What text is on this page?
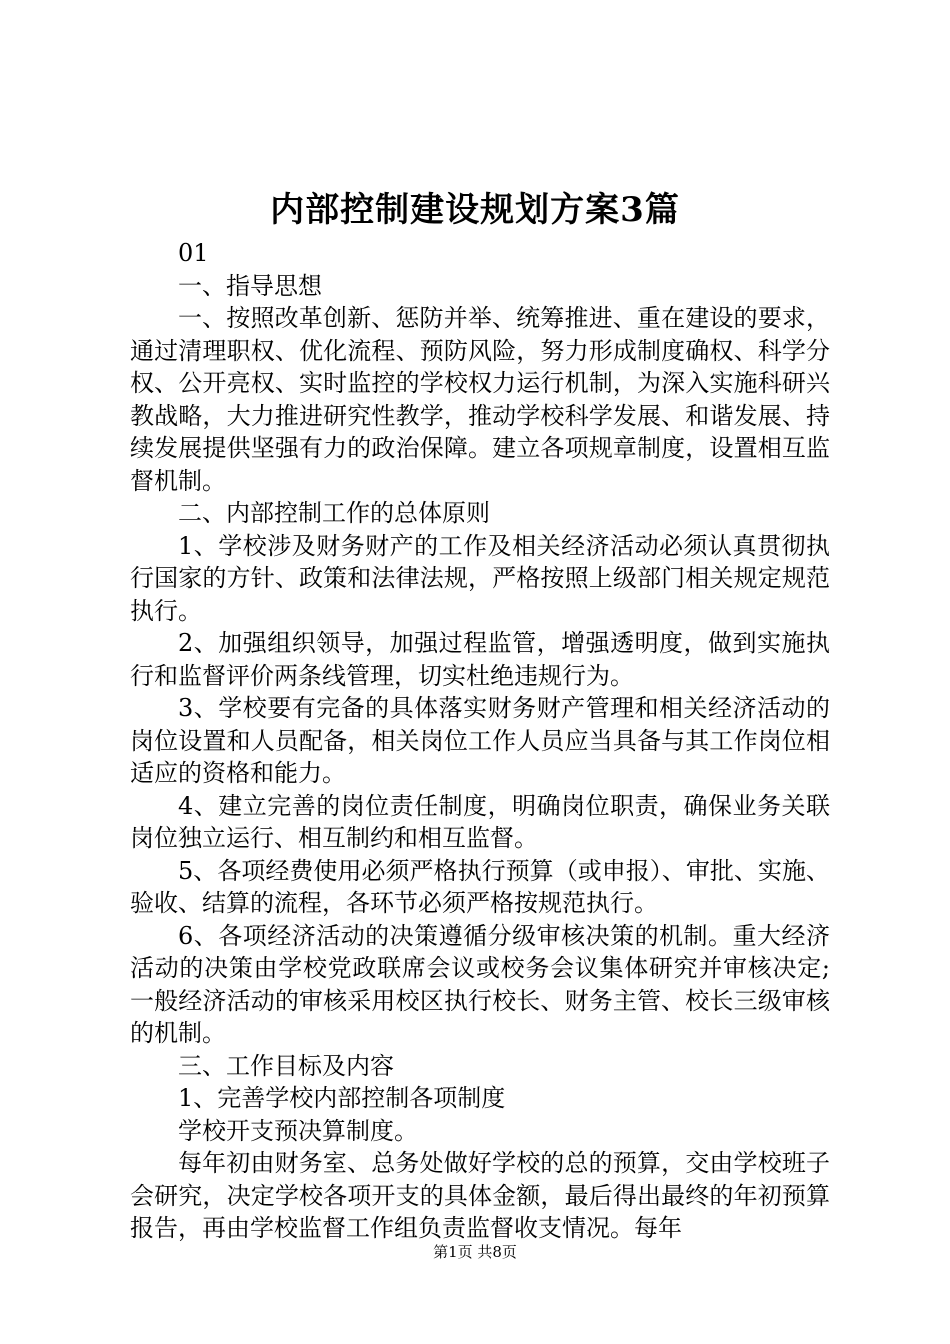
内部控制建设规划方案3篇

01

一、指导思想

一、按照改革创新、惩防并举、统筹推进、重在建设的要求，通过清理职权、优化流程、预防风险，努力形成制度确权、科学分权、公开亮权、实时监控的学校权力运行机制，为深入实施科研兴教战略，大力推进研究性教学，推动学校科学发展、和谐发展、持续发展提供坚强有力的政治保障。建立各项规章制度，设置相互监督机制。

二、内部控制工作的总体原则

1、学校涉及财务财产的工作及相关经济活动必须认真贯彻执行国家的方针、政策和法律法规，严格按照上级部门相关规定规范执行。

2、加强组织领导，加强过程监管，增强透明度，做到实施执行和监督评价两条线管理，切实杜绝违规行为。

3、学校要有完备的具体落实财务财产管理和相关经济活动的岗位设置和人员配备，相关岗位工作人员应当具备与其工作岗位相适应的资格和能力。

4、建立完善的岗位责任制度，明确岗位职责，确保业务关联岗位独立运行、相互制约和相互监督。

5、各项经费使用必须严格执行预算（或申报）、审批、实施、验收、结算的流程，各环节必须严格按规范执行。

6、各项经济活动的决策遵循分级审核决策的机制。重大经济活动的决策由学校党政联席会议或校务会议集体研究并审核决定;一般经济活动的审核采用校区执行校长、财务主管、校长三级审核的机制。

三、工作目标及内容

1、完善学校内部控制各项制度

学校开支预决算制度。

每年初由财务室、总务处做好学校的总的预算，交由学校班子会研究，决定学校各项开支的具体金额，最后得出最终的年初预算报告，再由学校监督工作组负责监督收支情况。每年

第1页 共8页
